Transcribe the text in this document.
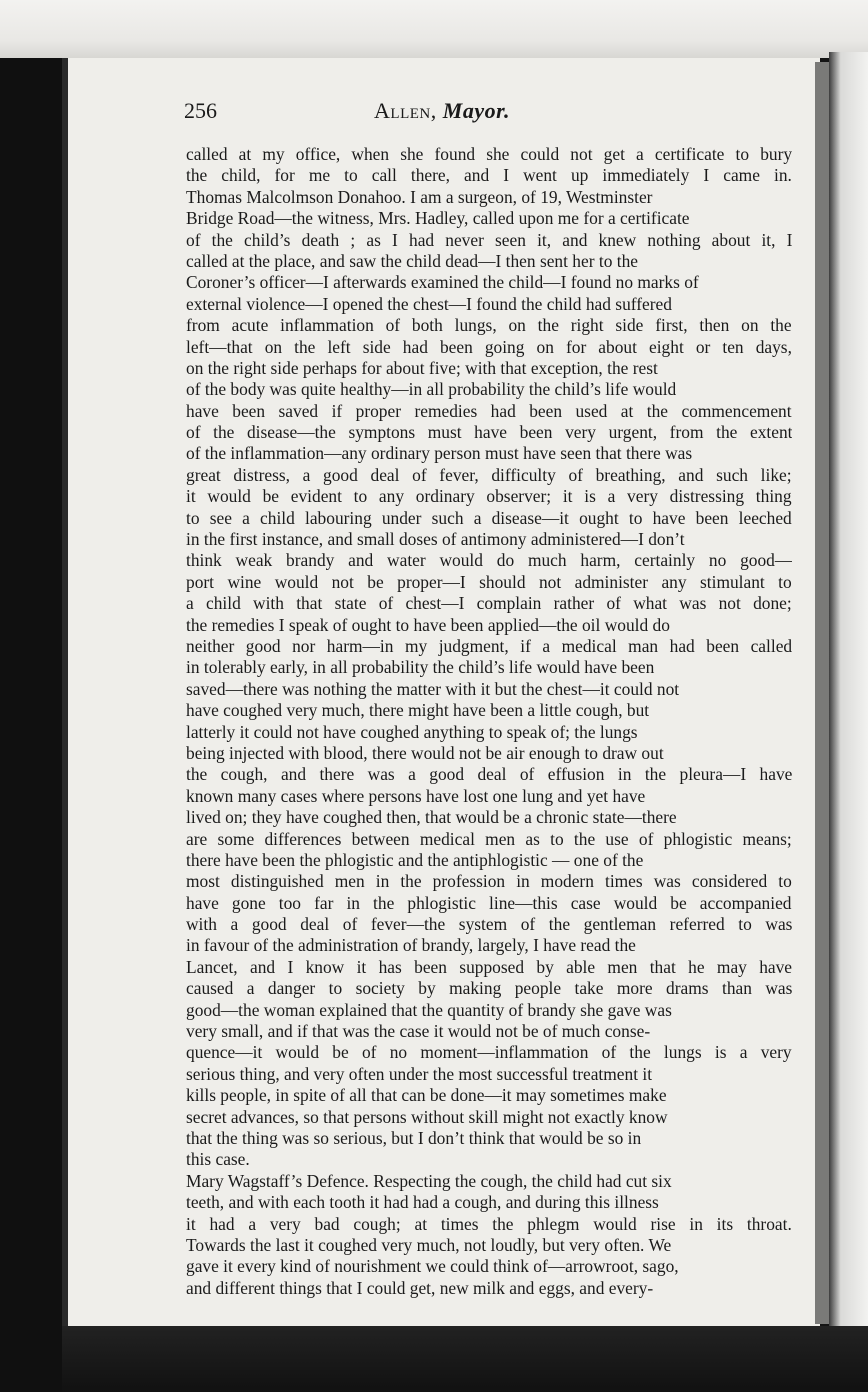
256	Allen, Mayor.
called at my office, when she found she could not get a certificate to bury
the child, for me to call there, and I went up immediately I came in.
Thomas Malcolmson Donahoo. I am a surgeon, of 19, Westminster
Bridge Road—the witness, Mrs. Hadley, called upon me for a certificate
of the child’s death ; as I had never seen it, and knew nothing about it, I
called at the place, and saw the child dead—I then sent her to the
Coroner’s officer—I afterwards examined the child—I found no marks of
external violence—I opened the chest—I found the child had suffered
from acute inflammation of both lungs, on the right side first, then on the
left—that on the left side had been going on for about eight or ten days,
on the right side perhaps for about five; with that exception, the rest
of the body was quite healthy—in all probability the child’s life would
have been saved if proper remedies had been used at the commencement
of the disease—the symptons must have been very urgent, from the extent
of the inflammation—any ordinary person must have seen that there was
great distress, a good deal of fever, difficulty of breathing, and such like;
it would be evident to any ordinary observer; it is a very distressing thing
to see a child labouring under such a disease—it ought to have been leeched
in the first instance, and small doses of antimony administered—I don’t
think weak brandy and water would do much harm, certainly no good—
port wine would not be proper—I should not administer any stimulant to
a child with that state of chest—I complain rather of what was not done;
the remedies I speak of ought to have been applied—the oil would do
neither good nor harm—in my judgment, if a medical man had been called
in tolerably early, in all probability the child’s life would have been
saved—there was nothing the matter with it but the chest—it could not
have coughed very much, there might have been a little cough, but
latterly it could not have coughed anything to speak of; the lungs
being injected with blood, there would not be air enough to draw out
the cough, and there was a good deal of effusion in the pleura—I have
known many cases where persons have lost one lung and yet have
lived on; they have coughed then, that would be a chronic state—there
are some differences between medical men as to the use of phlogistic means;
there have been the phlogistic and the antiphlogistic — one of the
most distinguished men in the profession in modern times was considered to
have gone too far in the phlogistic line—this case would be accompanied
with a good deal of fever—the system of the gentleman referred to was
in favour of the administration of brandy, largely, I have read the
Lancet, and I know it has been supposed by able men that he may have
caused a danger to society by making people take more drams than was
good—the woman explained that the quantity of brandy she gave was
very small, and if that was the case it would not be of much conse-
quence—it would be of no moment—inflammation of the lungs is a very
serious thing, and very often under the most successful treatment it
kills people, in spite of all that can be done—it may sometimes make
secret advances, so that persons without skill might not exactly know
that the thing was so serious, but I don’t think that would be so in
this case.
Mary Wagstaff’s Defence. Respecting the cough, the child had cut six
teeth, and with each tooth it had had a cough, and during this illness
it had a very bad cough; at times the phlegm would rise in its throat.
Towards the last it coughed very much, not loudly, but very often. We
gave it every kind of nourishment we could think of—arrowroot, sago,
and different things that I could get, new milk and eggs, and every-
